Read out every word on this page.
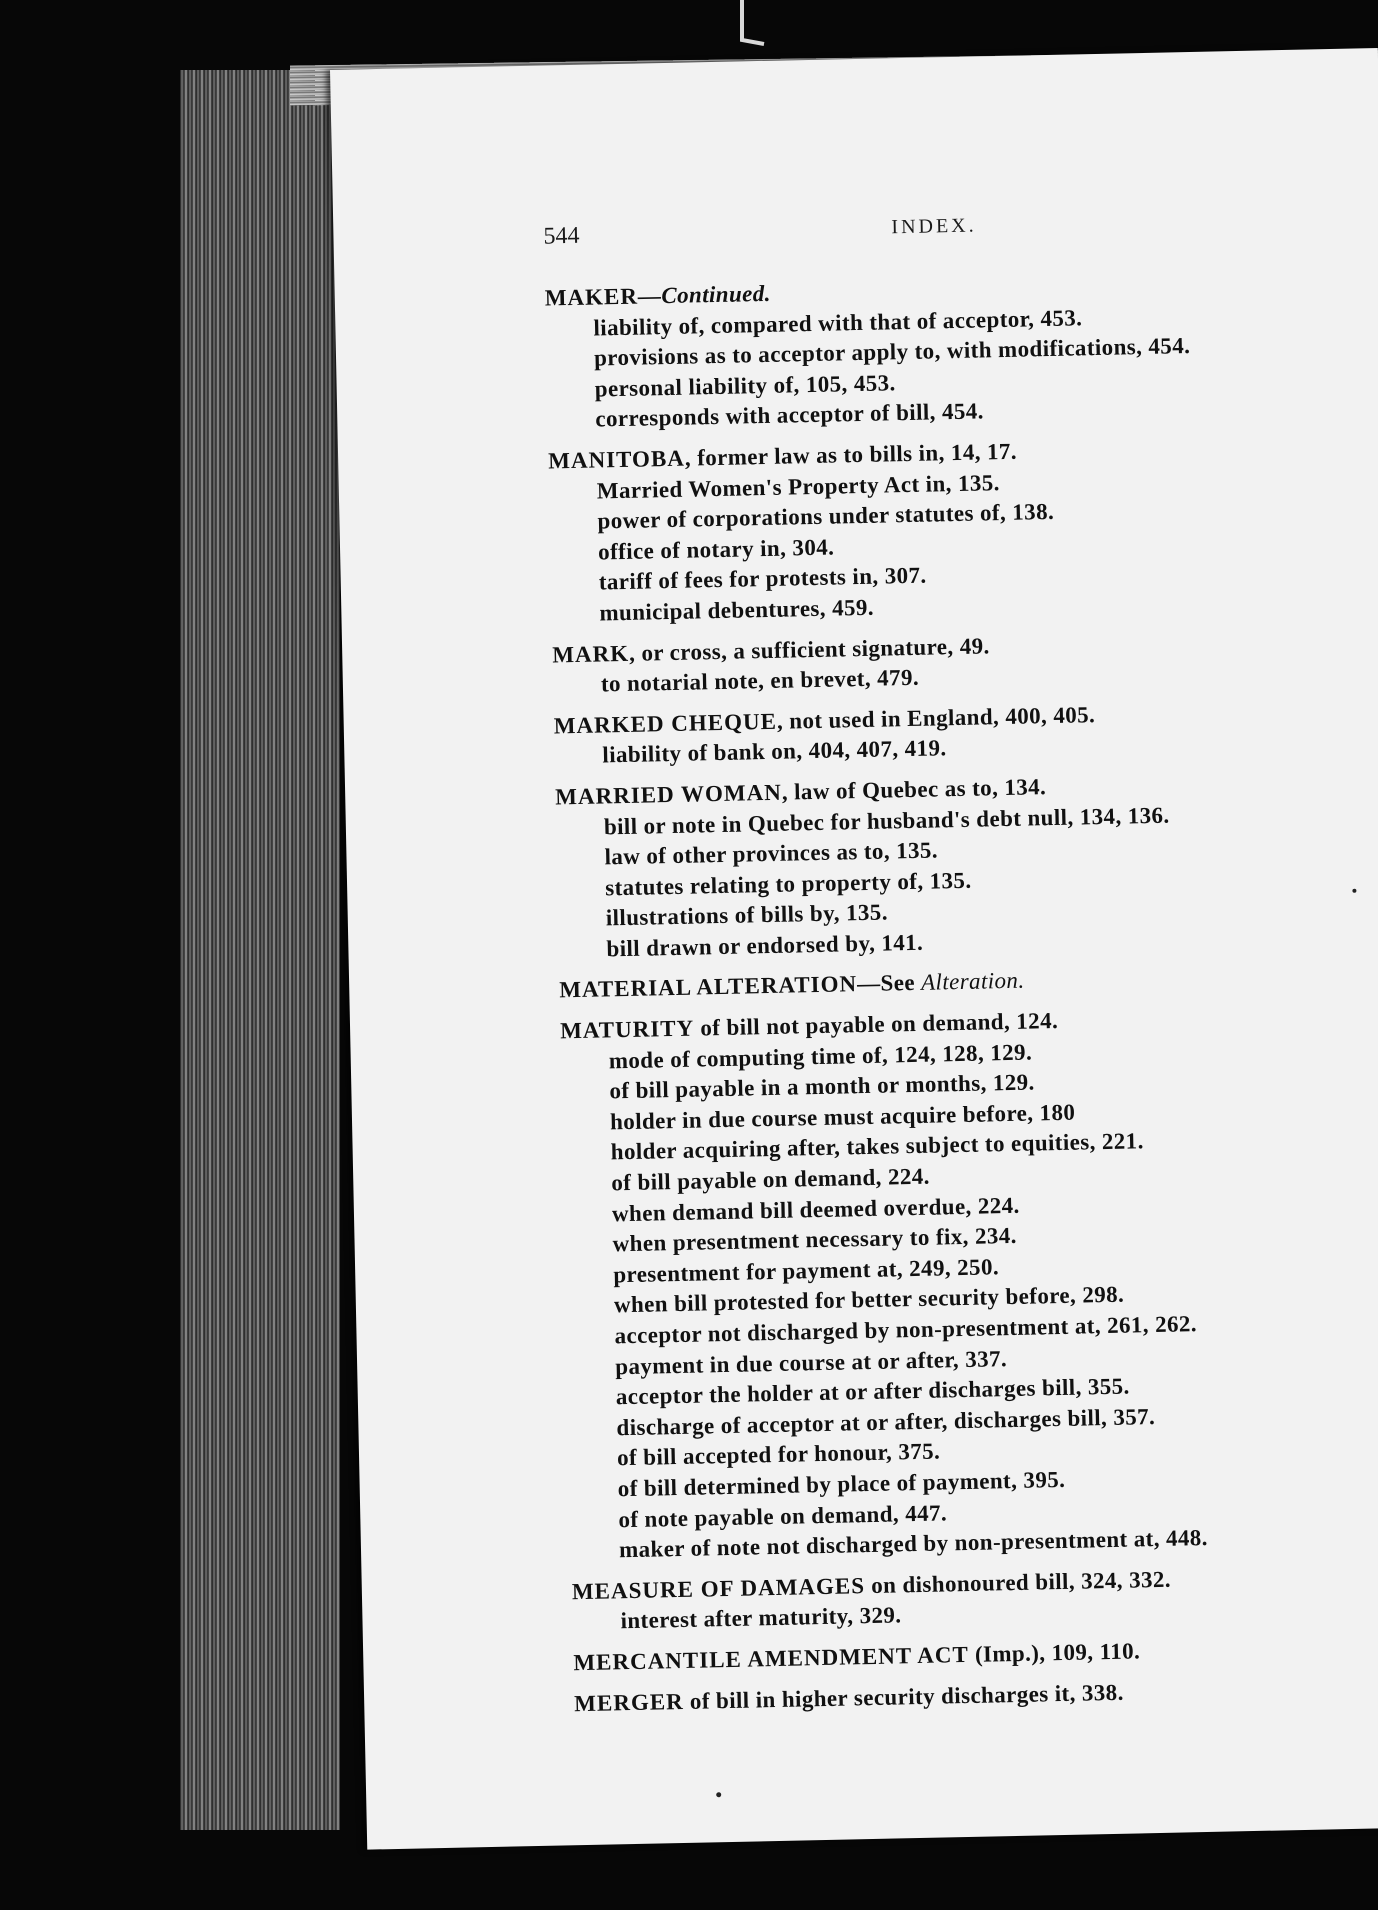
544	INDEX.
MAKER—Continued.
liability of, compared with that of acceptor, 453.
provisions as to acceptor apply to, with modifications, 454.
personal liability of, 105, 453.
corresponds with acceptor of bill, 454.
MANITOBA, former law as to bills in, 14, 17.
Married Women's Property Act in, 135.
power of corporations under statutes of, 138.
office of notary in, 304.
tariff of fees for protests in, 307.
municipal debentures, 459.
MARK, or cross, a sufficient signature, 49.
to notarial note, en brevet, 479.
MARKED CHEQUE, not used in England, 400, 405.
liability of bank on, 404, 407, 419.
MARRIED WOMAN, law of Quebec as to, 134.
bill or note in Quebec for husband's debt null, 134, 136.
law of other provinces as to, 135.
statutes relating to property of, 135.
illustrations of bills by, 135.
bill drawn or endorsed by, 141.
MATERIAL ALTERATION—See Alteration.
MATURITY of bill not payable on demand, 124.
mode of computing time of, 124, 128, 129.
of bill payable in a month or months, 129.
holder in due course must acquire before, 180
holder acquiring after, takes subject to equities, 221.
of bill payable on demand, 224.
when demand bill deemed overdue, 224.
when presentment necessary to fix, 234.
presentment for payment at, 249, 250.
when bill protested for better security before, 298.
acceptor not discharged by non-presentment at, 261, 262.
payment in due course at or after, 337.
acceptor the holder at or after discharges bill, 355.
discharge of acceptor at or after, discharges bill, 357.
of bill accepted for honour, 375.
of bill determined by place of payment, 395.
of note payable on demand, 447.
maker of note not discharged by non-presentment at, 448.
MEASURE OF DAMAGES on dishonoured bill, 324, 332.
interest after maturity, 329.
MERCANTILE AMENDMENT ACT (Imp.), 109, 110.
MERGER of bill in higher security discharges it, 338.
